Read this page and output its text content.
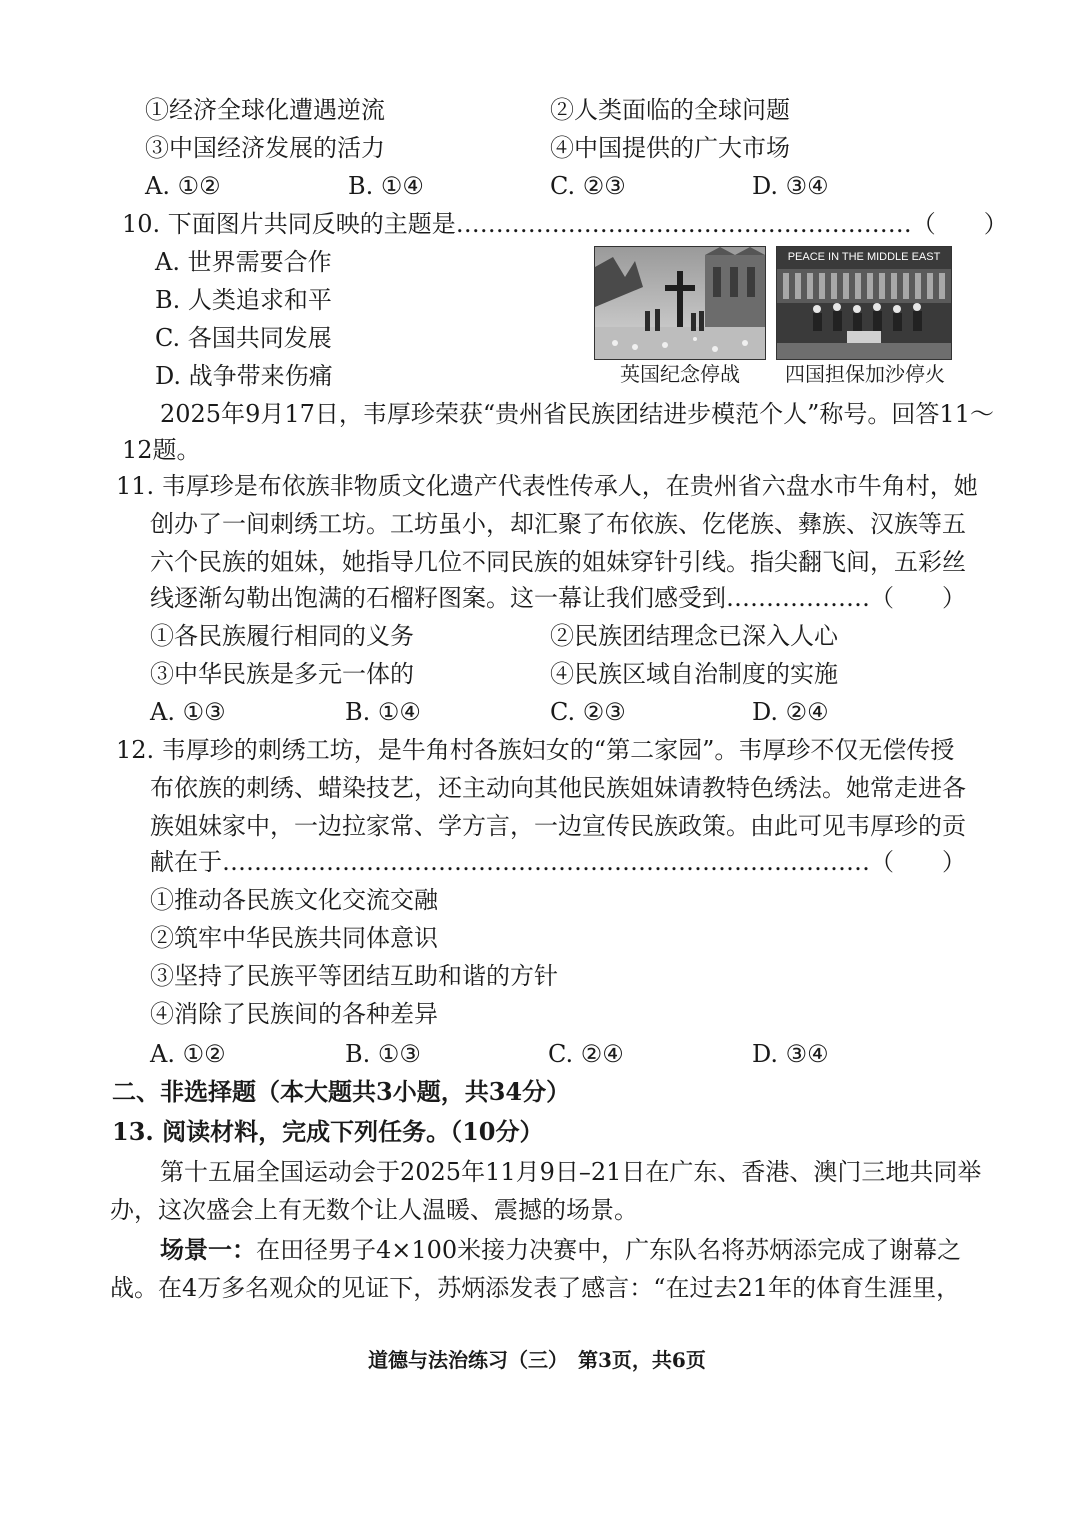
①经济全球化遭遇逆流	②人类面临的全球问题
③中国经济发展的活力	④中国提供的广大市场
A. ①②	B. ①④	C. ②③	D. ③④
10. 下面图片共同反映的主题是…………………………………………………（　　）
A. 世界需要合作
B. 人类追求和平
C. 各国共同发展
D. 战争带来伤痛
PEACE IN THE MIDDLE EAST
英国纪念停战 四国担保加沙停火
2025年9月17日，韦厚珍荣获“贵州省民族团结进步模范个人”称号。回答11～
12题。
11. 韦厚珍是布依族非物质文化遗产代表性传承人，在贵州省六盘水市牛角村，她
创办了一间刺绣工坊。工坊虽小，却汇聚了布依族、仡佬族、彝族、汉族等五
六个民族的姐妹，她指导几位不同民族的姐妹穿针引线。指尖翻飞间，五彩丝
线逐渐勾勒出饱满的石榴籽图案。这一幕让我们感受到………………（　　）
①各民族履行相同的义务	②民族团结理念已深入人心
③中华民族是多元一体的	④民族区域自治制度的实施
A. ①③	B. ①④	C. ②③	D. ②④
12. 韦厚珍的刺绣工坊，是牛角村各族妇女的“第二家园”。韦厚珍不仅无偿传授
布依族的刺绣、蜡染技艺，还主动向其他民族姐妹请教特色绣法。她常走进各
族姐妹家中，一边拉家常、学方言，一边宣传民族政策。由此可见韦厚珍的贡
献在于………………………………………………………………………（　　）
①推动各民族文化交流交融
②筑牢中华民族共同体意识
③坚持了民族平等团结互助和谐的方针
④消除了民族间的各种差异
A. ①②	B. ①③	C. ②④	D. ③④
二、非选择题（本大题共3小题，共34分）
13. 阅读材料，完成下列任务。（10分）
第十五届全国运动会于2025年11月9日–21日在广东、香港、澳门三地共同举
办，这次盛会上有无数个让人温暖、震撼的场景。
场景一：在田径男子4×100米接力决赛中，广东队名将苏炳添完成了谢幕之
战。在4万多名观众的见证下，苏炳添发表了感言：“在过去21年的体育生涯里，
道德与法治练习（三）　第3页，共6页
